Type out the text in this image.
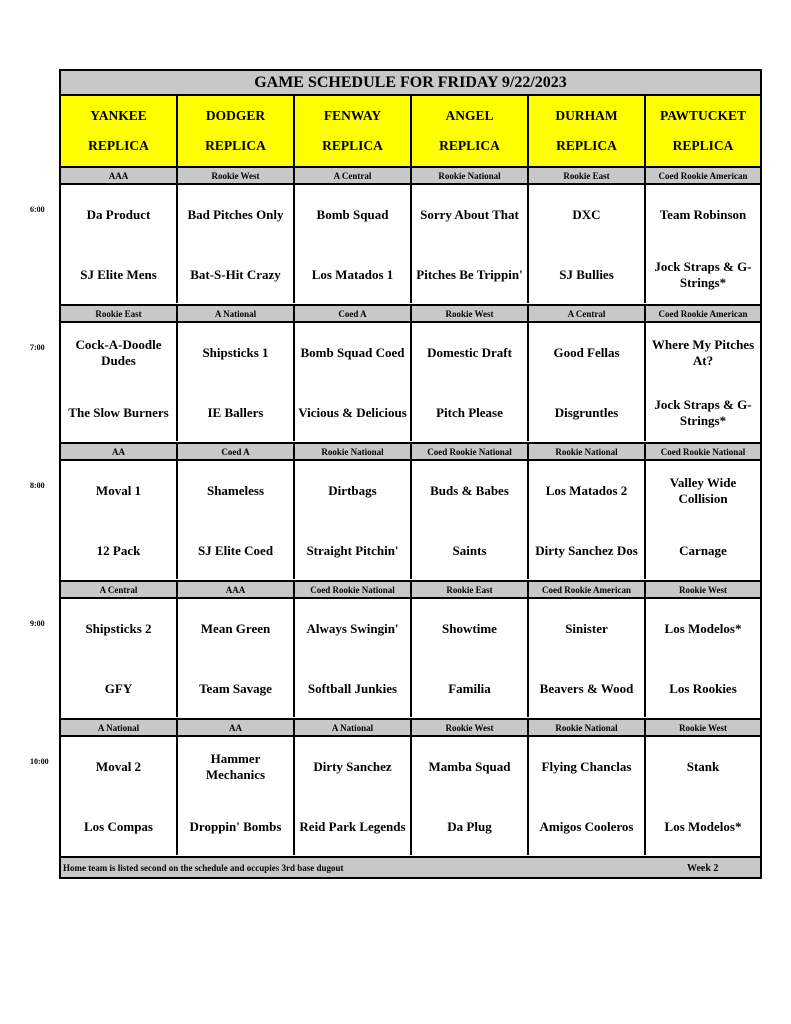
GAME SCHEDULE FOR FRIDAY 9/22/2023
Home team is listed second on the schedule and occupies 3rd base dugout	Week 2
YANKEE
REPLICA
DODGER
REPLICA
FENWAY
REPLICA
ANGEL
REPLICA
DURHAM
REPLICA
PAWTUCKET
REPLICA
AAA
Da Product
SJ Elite Mens
Rookie West
Bad Pitches Only
Bat-S-Hit Crazy
A Central
Bomb Squad
Los Matados 1
Rookie National
Sorry About That
Pitches Be Trippin'
Rookie East
DXC
SJ Bullies
Coed Rookie American
Team Robinson
Jock Straps & G-Strings*
Rookie East
Cock-A-Doodle Dudes
The Slow Burners
A National
Shipsticks 1
IE Ballers
Coed A
Bomb Squad Coed
Vicious & Delicious
Rookie West
Domestic Draft
Pitch Please
A Central
Good Fellas
Disgruntles
Coed Rookie American
Where My Pitches At?
Jock Straps & G-Strings*
AA
Moval 1
12 Pack
Coed A
Shameless
SJ Elite Coed
Rookie National
Dirtbags
Straight Pitchin'
Coed Rookie National
Buds & Babes
Saints
Rookie National
Los Matados 2
Dirty Sanchez Dos
Coed Rookie National
Valley Wide Collision
Carnage
A Central
Shipsticks 2
GFY
AAA
Mean Green
Team Savage
Coed Rookie National
Always Swingin'
Softball Junkies
Rookie East
Showtime
Familia
Coed Rookie American
Sinister
Beavers & Wood
Rookie West
Los Modelos*
Los Rookies
A National
Moval 2
Los Compas
AA
Hammer Mechanics
Droppin' Bombs
A National
Dirty Sanchez
Reid Park Legends
Rookie West
Mamba Squad
Da Plug
Rookie National
Flying Chanclas
Amigos Cooleros
Rookie West
Stank
Los Modelos*
6:00
7:00
8:00
9:00
10:00
